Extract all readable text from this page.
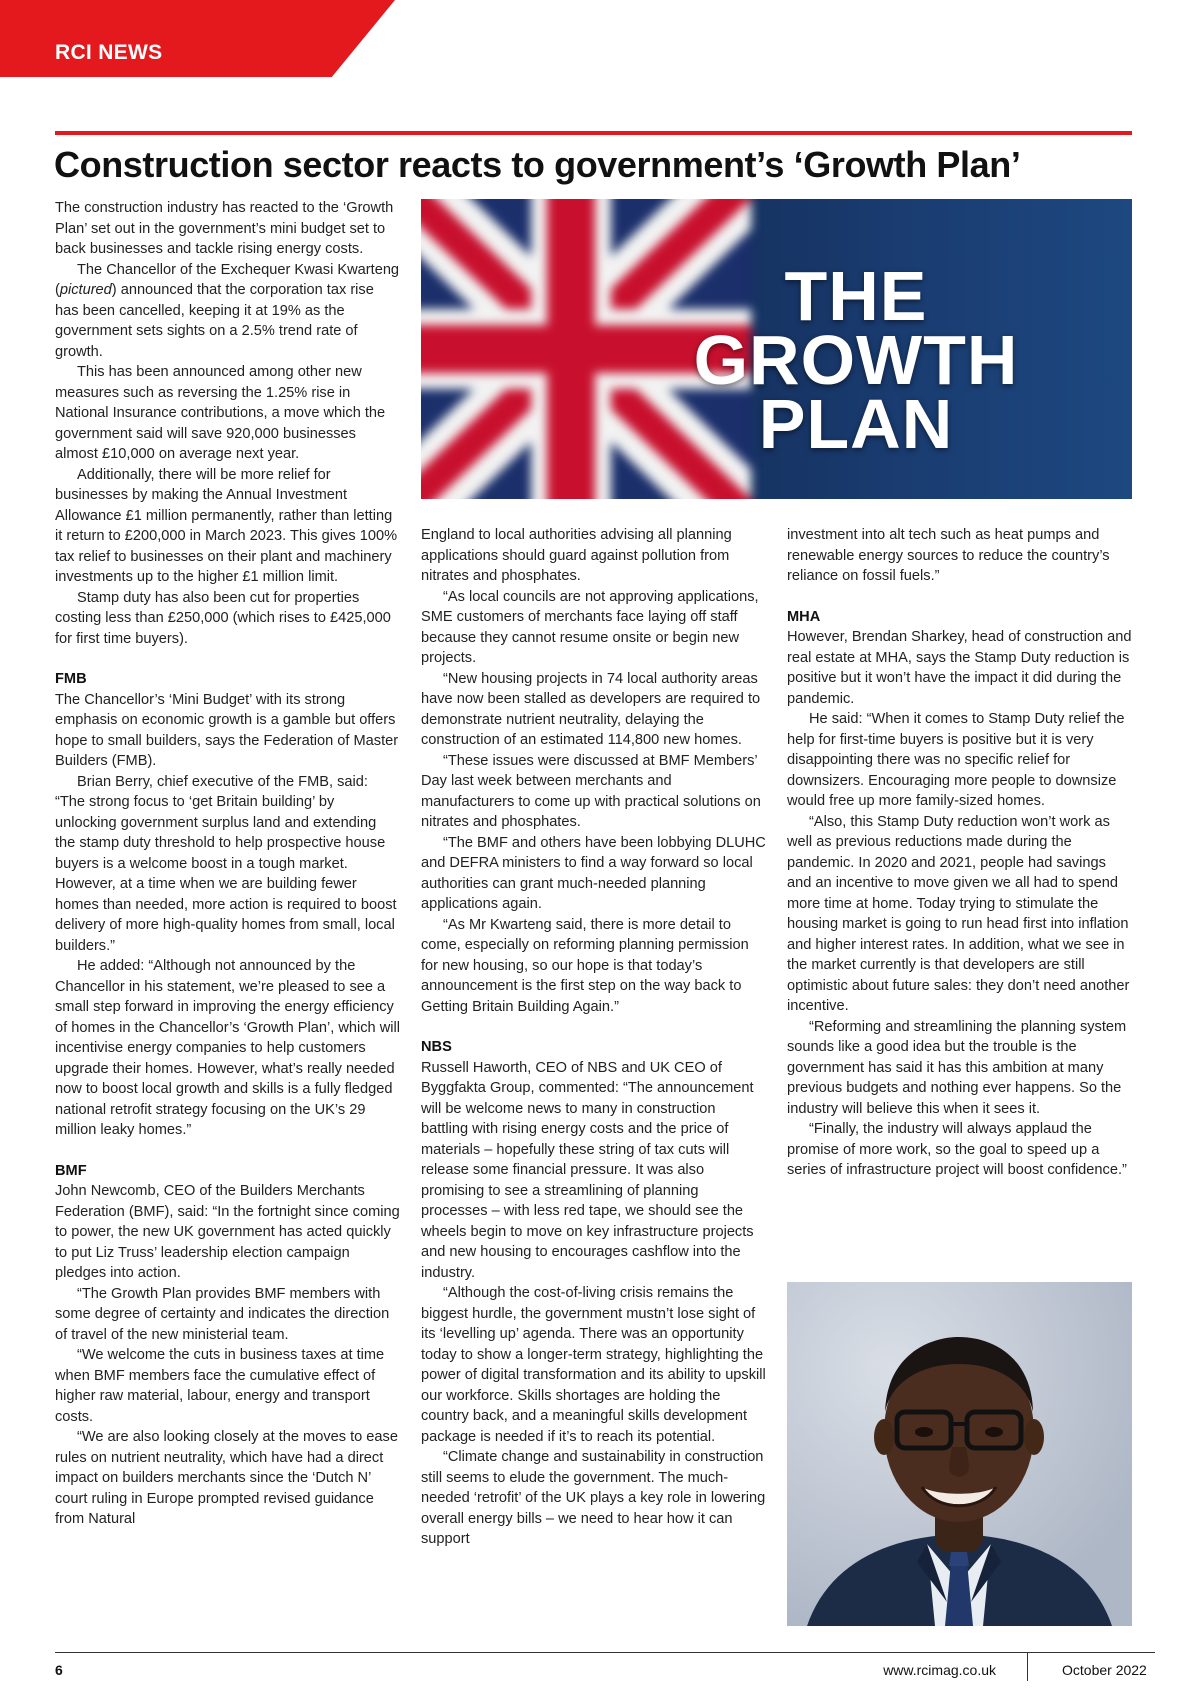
RCI NEWS
Construction sector reacts to government’s ‘Growth Plan’

The construction industry has reacted to the ‘Growth Plan’ set out in the government’s mini budget set to back businesses and tackle rising energy costs.

The Chancellor of the Exchequer Kwasi Kwarteng (pictured) announced that the corporation tax rise has been cancelled, keeping it at 19% as the government sets sights on a 2.5% trend rate of growth.

This has been announced among other new measures such as reversing the 1.25% rise in National Insurance contributions, a move which the government said will save 920,000 businesses almost £10,000 on average next year.

Additionally, there will be more relief for businesses by making the Annual Investment Allowance £1 million permanently, rather than letting it return to £200,000 in March 2023. This gives 100% tax relief to businesses on their plant and machinery investments up to the higher £1 million limit.

Stamp duty has also been cut for properties costing less than £250,000 (which rises to £425,000 for first time buyers).

FMB

The Chancellor’s ‘Mini Budget’ with its strong emphasis on economic growth is a gamble but offers hope to small builders, says the Federation of Master Builders (FMB).

Brian Berry, chief executive of the FMB, said: “The strong focus to ‘get Britain building’ by unlocking government surplus land and extending the stamp duty threshold to help prospective house buyers is a welcome boost in a tough market. However, at a time when we are building fewer homes than needed, more action is required to boost delivery of more high-quality homes from small, local builders.”

He added: “Although not announced by the Chancellor in his statement, we’re pleased to see a small step forward in improving the energy efficiency of homes in the Chancellor’s ‘Growth Plan’, which will incentivise energy companies to help customers upgrade their homes. However, what’s really needed now to boost local growth and skills is a fully fledged national retrofit strategy focusing on the UK’s 29 million leaky homes.”

BMF

John Newcomb, CEO of the Builders Merchants Federation (BMF), said: “In the fortnight since coming to power, the new UK government has acted quickly to put Liz Truss’ leadership election campaign pledges into action.

“The Growth Plan provides BMF members with some degree of certainty and indicates the direction of travel of the new ministerial team.

“We welcome the cuts in business taxes at time when BMF members face the cumulative effect of higher raw material, labour, energy and transport costs.

“We are also looking closely at the moves to ease rules on nutrient neutrality, which have had a direct impact on builders merchants since the ‘Dutch N’ court ruling in Europe prompted revised guidance from Natural

THE
GROWTH
PLAN

England to local authorities advising all planning applications should guard against pollution from nitrates and phosphates.

“As local councils are not approving applications, SME customers of merchants face laying off staff because they cannot resume onsite or begin new projects.

“New housing projects in 74 local authority areas have now been stalled as developers are required to demonstrate nutrient neutrality, delaying the construction of an estimated 114,800 new homes.

“These issues were discussed at BMF Members’ Day last week between merchants and manufacturers to come up with practical solutions on nitrates and phosphates.

“The BMF and others have been lobbying DLUHC and DEFRA ministers to find a way forward so local authorities can grant much-needed planning applications again.

“As Mr Kwarteng said, there is more detail to come, especially on reforming planning permission for new housing, so our hope is that today’s announcement is the first step on the way back to Getting Britain Building Again.”

NBS

Russell Haworth, CEO of NBS and UK CEO of Byggfakta Group, commented: “The announcement will be welcome news to many in construction battling with rising energy costs and the price of materials – hopefully these string of tax cuts will release some financial pressure. It was also promising to see a streamlining of planning processes – with less red tape, we should see the wheels begin to move on key infrastructure projects and new housing to encourages cashflow into the industry.

“Although the cost-of-living crisis remains the biggest hurdle, the government mustn’t lose sight of its ‘levelling up’ agenda. There was an opportunity today to show a longer-term strategy, highlighting the power of digital transformation and its ability to upskill our workforce. Skills shortages are holding the country back, and a meaningful skills development package is needed if it’s to reach its potential.

“Climate change and sustainability in construction still seems to elude the government. The much-needed ‘retrofit’ of the UK plays a key role in lowering overall energy bills – we need to hear how it can support

investment into alt tech such as heat pumps and renewable energy sources to reduce the country’s reliance on fossil fuels.”

MHA

However, Brendan Sharkey, head of construction and real estate at MHA, says the Stamp Duty reduction is positive but it won’t have the impact it did during the pandemic.

He said: “When it comes to Stamp Duty relief the help for first-time buyers is positive but it is very disappointing there was no specific relief for downsizers. Encouraging more people to downsize would free up more family-sized homes.

“Also, this Stamp Duty reduction won’t work as well as previous reductions made during the pandemic. In 2020 and 2021, people had savings and an incentive to move given we all had to spend more time at home. Today trying to stimulate the housing market is going to run head first into inflation and higher interest rates. In addition, what we see in the market currently is that developers are still optimistic about future sales: they don’t need another incentive.

“Reforming and streamlining the planning system sounds like a good idea but the trouble is the government has said it has this ambition at many previous budgets and nothing ever happens. So the industry will believe this when it sees it.

“Finally, the industry will always applaud the promise of more work, so the goal to speed up a series of infrastructure project will boost confidence.”

6	www.rcimag.co.uk	October 2022
